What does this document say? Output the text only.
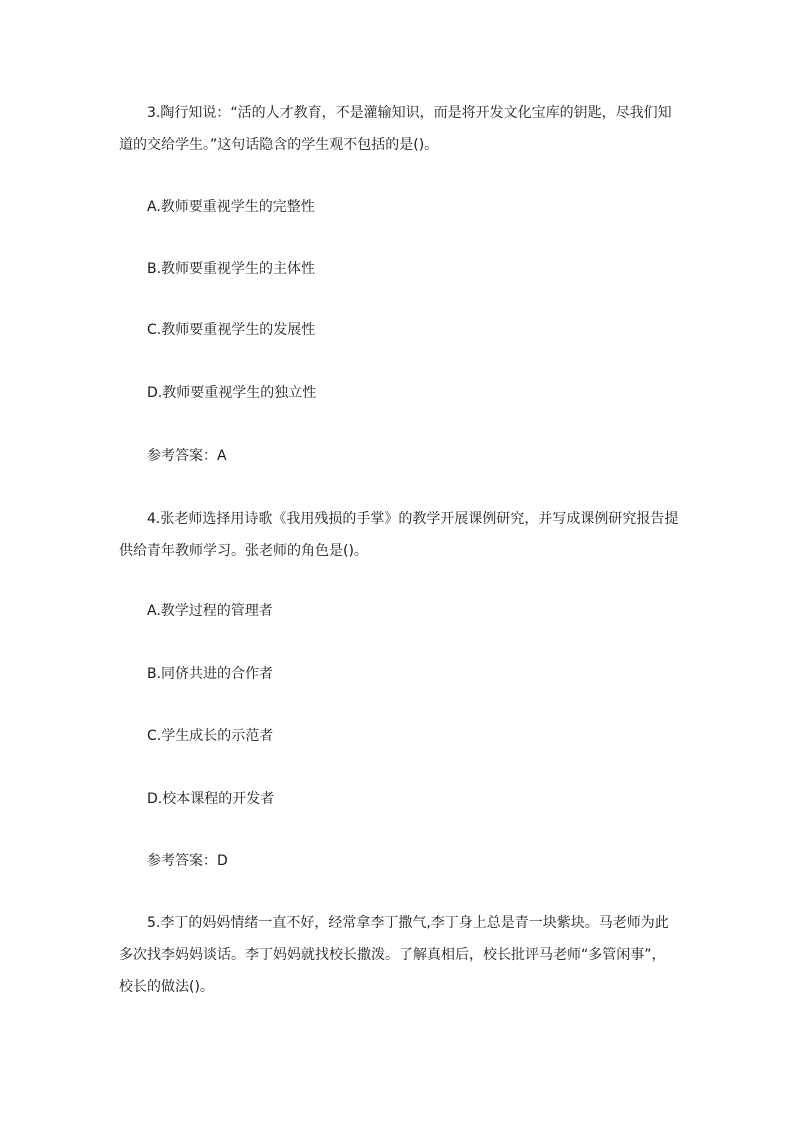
3.陶行知说：“活的人才教育，不是灌输知识，而是将开发文化宝库的钥匙，尽我们知道的交给学生。”这句话隐含的学生观不包括的是()。
A.教师要重视学生的完整性
B.教师要重视学生的主体性
C.教师要重视学生的发展性
D.教师要重视学生的独立性
参考答案：A
4.张老师选择用诗歌《我用残损的手掌》的教学开展课例研究，并写成课例研究报告提供给青年教师学习。张老师的角色是()。
A.教学过程的管理者
B.同侪共进的合作者
C.学生成长的示范者
D.校本课程的开发者
参考答案：D
5.李丁的妈妈情绪一直不好，经常拿李丁撒气,李丁身上总是青一块紫块。马老师为此多次找李妈妈谈话。李丁妈妈就找校长撒泼。了解真相后，校长批评马老师“多管闲事”，校长的做法()。
